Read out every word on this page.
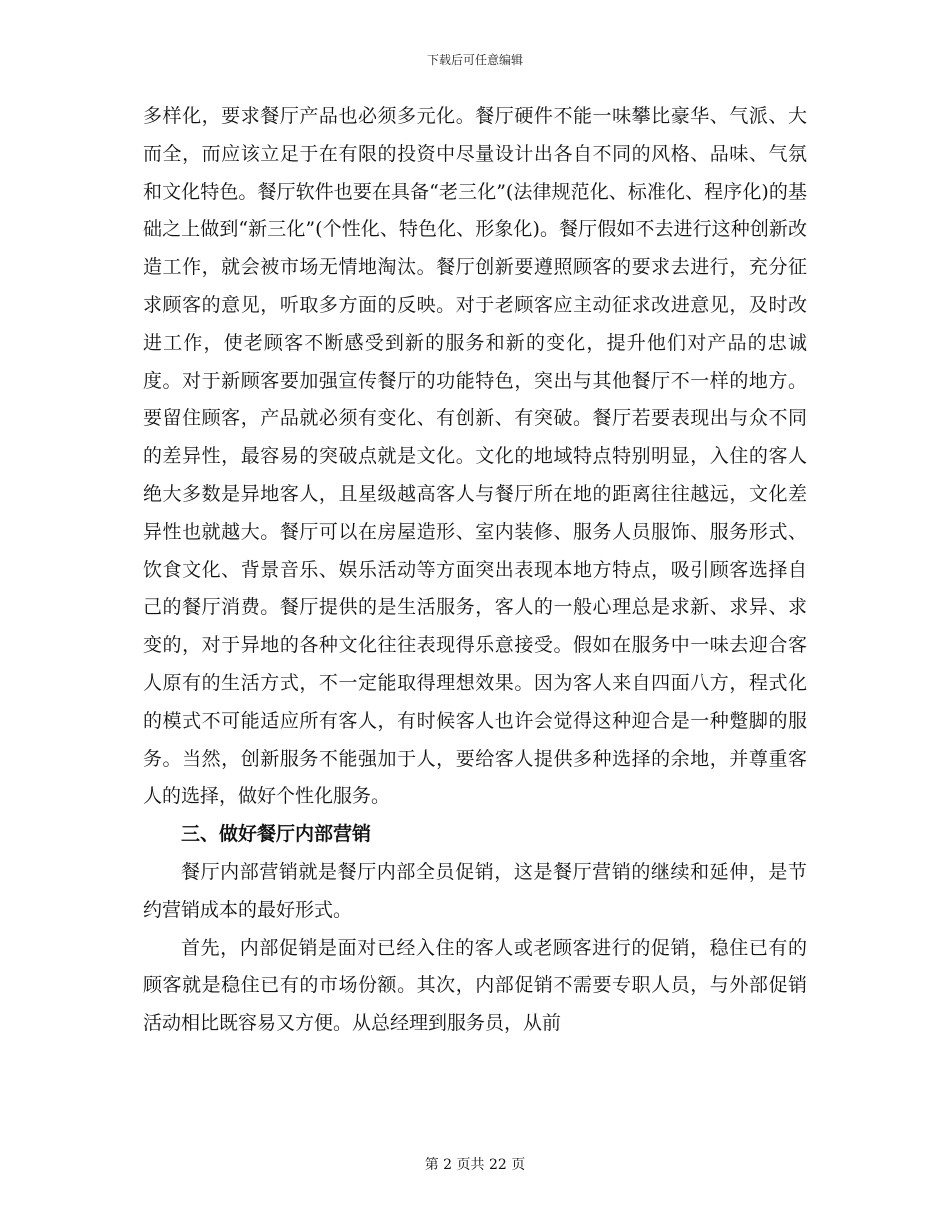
下载后可任意编辑

多样化，要求餐厅产品也必须多元化。餐厅硬件不能一味攀比豪华、气派、大而全，而应该立足于在有限的投资中尽量设计出各自不同的风格、品味、气氛和文化特色。餐厅软件也要在具备“老三化”(法律规范化、标准化、程序化)的基础之上做到“新三化”(个性化、特色化、形象化)。餐厅假如不去进行这种创新改造工作，就会被市场无情地淘汰。餐厅创新要遵照顾客的要求去进行，充分征求顾客的意见，听取多方面的反映。对于老顾客应主动征求改进意见，及时改进工作，使老顾客不断感受到新的服务和新的变化，提升他们对产品的忠诚度。对于新顾客要加强宣传餐厅的功能特色，突出与其他餐厅不一样的地方。要留住顾客，产品就必须有变化、有创新、有突破。餐厅若要表现出与众不同的差异性，最容易的突破点就是文化。文化的地域特点特别明显，入住的客人绝大多数是异地客人，且星级越高客人与餐厅所在地的距离往往越远，文化差异性也就越大。餐厅可以在房屋造形、室内装修、服务人员服饰、服务形式、饮食文化、背景音乐、娱乐活动等方面突出表现本地方特点，吸引顾客选择自己的餐厅消费。餐厅提供的是生活服务，客人的一般心理总是求新、求异、求变的，对于异地的各种文化往往表现得乐意接受。假如在服务中一味去迎合客人原有的生活方式，不一定能取得理想效果。因为客人来自四面八方，程式化的模式不可能适应所有客人，有时候客人也许会觉得这种迎合是一种蹩脚的服务。当然，创新服务不能强加于人，要给客人提供多种选择的余地，并尊重客人的选择，做好个性化服务。

三、做好餐厅内部营销

餐厅内部营销就是餐厅内部全员促销，这是餐厅营销的继续和延伸，是节约营销成本的最好形式。

首先，内部促销是面对已经入住的客人或老顾客进行的促销，稳住已有的顾客就是稳住已有的市场份额。其次，内部促销不需要专职人员，与外部促销活动相比既容易又方便。从总经理到服务员，从前

第 2 页共 22 页
